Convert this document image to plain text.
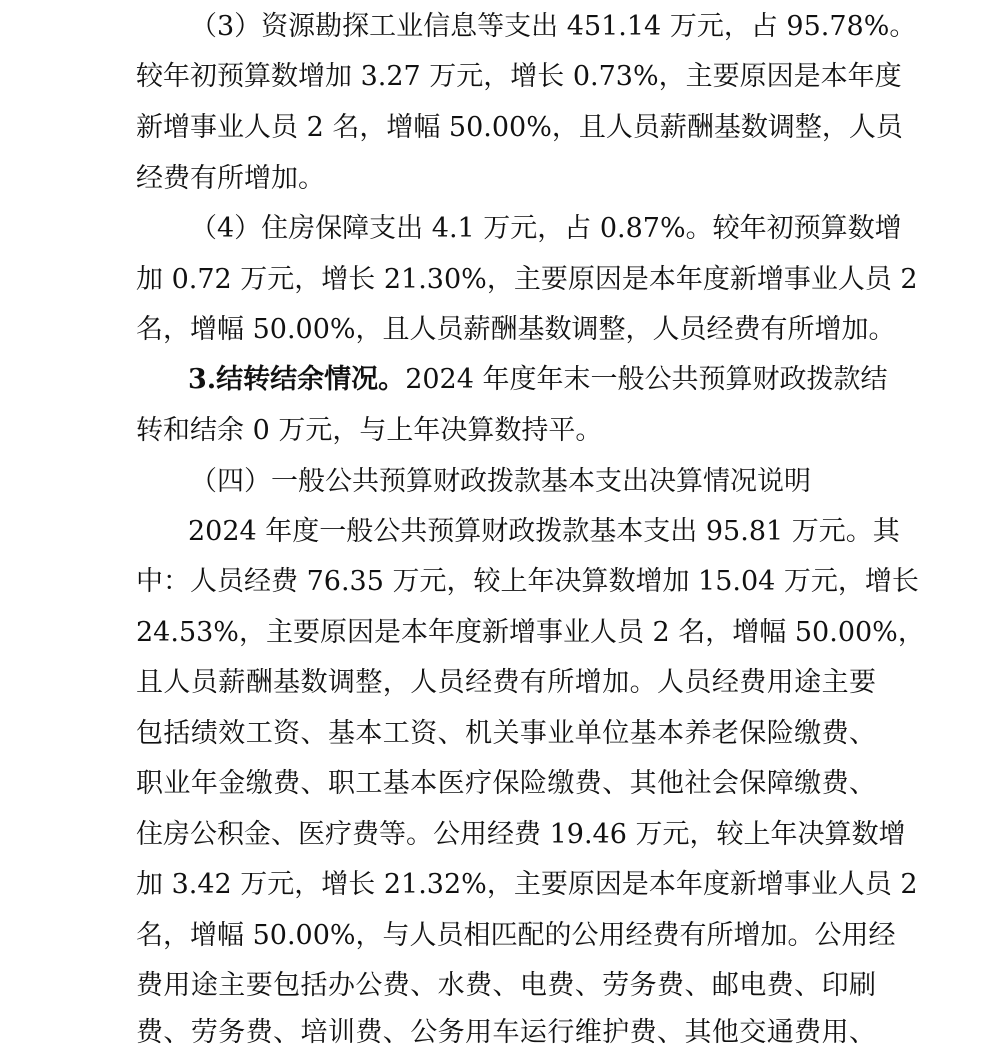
（3）资源勘探工业信息等支出 451.14 万元，占 95.78%。
较年初预算数增加 3.27 万元，增长 0.73%，主要原因是本年度
新增事业人员 2 名，增幅 50.00%，且人员薪酬基数调整，人员
经费有所增加。
（4）住房保障支出 4.1 万元，占 0.87%。较年初预算数增
加 0.72 万元，增长 21.30%，主要原因是本年度新增事业人员 2
名，增幅 50.00%，且人员薪酬基数调整，人员经费有所增加。
3.结转结余情况。2024 年度年末一般公共预算财政拨款结
转和结余 0 万元，与上年决算数持平。
（四）一般公共预算财政拨款基本支出决算情况说明
2024 年度一般公共预算财政拨款基本支出 95.81 万元。其
中：人员经费 76.35 万元，较上年决算数增加 15.04 万元，增长
24.53%，主要原因是本年度新增事业人员 2 名，增幅 50.00%，
且人员薪酬基数调整，人员经费有所增加。人员经费用途主要
包括绩效工资、基本工资、机关事业单位基本养老保险缴费、
职业年金缴费、职工基本医疗保险缴费、其他社会保障缴费、
住房公积金、医疗费等。公用经费 19.46 万元，较上年决算数增
加 3.42 万元，增长 21.32%，主要原因是本年度新增事业人员 2
名，增幅 50.00%，与人员相匹配的公用经费有所增加。公用经
费用途主要包括办公费、水费、电费、劳务费、邮电费、印刷
费、劳务费、培训费、公务用车运行维护费、其他交通费用、
